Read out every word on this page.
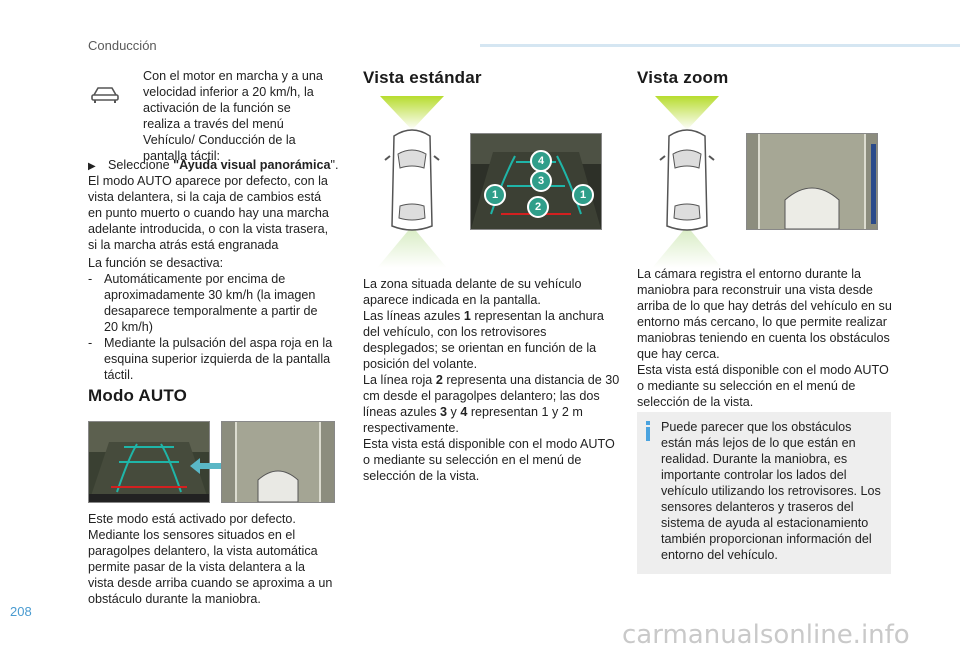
Conducción
Con el motor en marcha y a una velocidad inferior a 20 km/h, la activación de la función se realiza a través del menú Vehículo/ Conducción de la pantalla táctil:
▶ Seleccione "Ayuda visual panorámica".
El modo AUTO aparece por defecto, con la vista delantera, si la caja de cambios está en punto muerto o cuando hay una marcha adelante introducida, o con la vista trasera, si la marcha atrás está engranada
La función se desactiva:
- Automáticamente por encima de aproximadamente 30 km/h (la imagen desaparece temporalmente a partir de 20 km/h)
- Mediante la pulsación del aspa roja en la esquina superior izquierda de la pantalla táctil.
Modo AUTO
Este modo está activado por defecto. Mediante los sensores situados en el paragolpes delantero, la vista automática permite pasar de la vista delantera a la vista desde arriba cuando se aproxima a un obstáculo durante la maniobra.
Vista estándar
4
3
1	1
2
La zona situada delante de su vehículo aparece indicada en la pantalla.
Las líneas azules 1 representan la anchura del vehículo, con los retrovisores desplegados; se orientan en función de la posición del volante.
La línea roja 2 representa una distancia de 30 cm desde el paragolpes delantero; las dos líneas azules 3 y 4 representan 1 y 2 m respectivamente.
Esta vista está disponible con el modo AUTO o mediante su selección en el menú de selección de la vista.
Vista zoom
La cámara registra el entorno durante la maniobra para reconstruir una vista desde arriba de lo que hay detrás del vehículo en su entorno más cercano, lo que permite realizar maniobras teniendo en cuenta los obstáculos que hay cerca.
Esta vista está disponible con el modo AUTO o mediante su selección en el menú de selección de la vista.
Puede parecer que los obstáculos están más lejos de lo que están en realidad. Durante la maniobra, es importante controlar los lados del vehículo utilizando los retrovisores. Los sensores delanteros y traseros del sistema de ayuda al estacionamiento también proporcionan información del entorno del vehículo.
208
carmanualsonline.info
